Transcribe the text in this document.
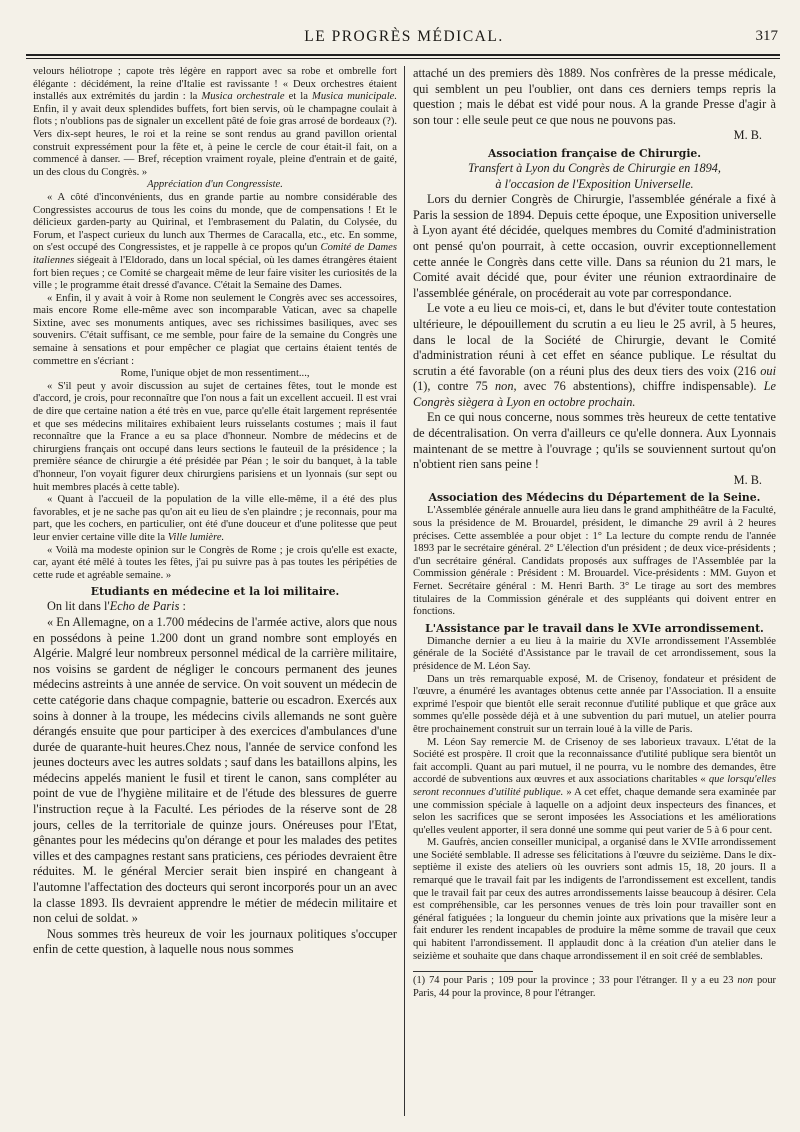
LE PROGRÈS MÉDICAL.	317

velours héliotrope ; capote très légère en rapport avec sa robe et ombrelle fort élégante : décidément, la reine d'Italie est ravissante ! « Deux orchestres étaient installés aux extrémités du jardin : la Musica orchestrale et la Musica municipale. Enfin, il y avait deux splendides buffets, fort bien servis, où le champagne coulait à flots ; n'oublions pas de signaler un excellent pâté de foie gras arrosé de bordeaux (?). Vers dix-sept heures, le roi et la reine se sont rendus au grand pavillon oriental construit expressément pour la fête et, à peine le cercle de cour était-il fait, on a commencé à danser. — Bref, réception vraiment royale, pleine d'entrain et de gaité, un des clous du Congrès. »

Appréciation d'un Congressiste.

« A côté d'inconvénients, dus en grande partie au nombre considérable des Congressistes accourus de tous les coins du monde, que de compensations ! Et le délicieux garden-party au Quirinal, et l'embrasement du Palatin, du Colysée, du Forum, et l'aspect curieux du lunch aux Thermes de Caracalla, etc., etc. En somme, on s'est occupé des Congressistes, et je rappelle à ce propos qu'un Comité de Dames italiennes siégeait à l'Eldorado, dans un local spécial, où les dames étrangères étaient fort bien reçues ; ce Comité se chargeait même de leur faire visiter les curiosités de la ville ; le programme était dressé d'avance. C'était la Semaine des Dames.

« Enfin, il y avait à voir à Rome non seulement le Congrès avec ses accessoires, mais encore Rome elle-même avec son incomparable Vatican, avec sa chapelle Sixtine, avec ses monuments antiques, avec ses richissimes basiliques, avec ses souvenirs. C'était suffisant, ce me semble, pour faire de la semaine du Congrès une semaine à sensations et pour empêcher ce plagiat que certains étaient tentés de commettre en s'écriant :

Rome, l'unique objet de mon ressentiment...,

« S'il peut y avoir discussion au sujet de certaines fêtes, tout le monde est d'accord, je crois, pour reconnaître que l'on nous a fait un excellent accueil. Il est vrai de dire que certaine nation a été très en vue, parce qu'elle était largement représentée et que ses médecins militaires exhibaient leurs ruisselants costumes ; mais il faut reconnaître que la France a eu sa place d'honneur. Nombre de médecins et de chirurgiens français ont occupé dans leurs sections le fauteuil de la présidence ; la première séance de chirurgie a été présidée par Péan ; le soir du banquet, à la table d'honneur, l'on voyait figurer deux chirurgiens parisiens et un lyonnais (sur sept ou huit membres placés à cette table).

« Quant à l'accueil de la population de la ville elle-même, il a été des plus favorables, et je ne sache pas qu'on ait eu lieu de s'en plaindre ; je reconnais, pour ma part, que les cochers, en particulier, ont été d'une douceur et d'une politesse que peut leur envier certaine ville dite la Ville lumière.

« Voilà ma modeste opinion sur le Congrès de Rome ; je crois qu'elle est exacte, car, ayant été mêlé à toutes les fêtes, j'ai pu suivre pas à pas toutes les péripéties de cette rude et agréable semaine. »

Etudiants en médecine et la loi militaire.

On lit dans l'Echo de Paris :

« En Allemagne, on a 1.700 médecins de l'armée active, alors que nous en possédons à peine 1.200 dont un grand nombre sont employés en Algérie. Malgré leur nombreux personnel médical de la carrière militaire, nos voisins se gardent de négliger le concours permanent des jeunes médecins astreints à une année de service. On voit souvent un médecin de cette catégorie dans chaque compagnie, batterie ou escadron. Exercés aux soins à donner à la troupe, les médecins civils allemands ne sont guère dérangés ensuite que pour participer à des exercices d'ambulances d'une durée de quarante-huit heures.Chez nous, l'année de service confond les jeunes docteurs avec les autres soldats ; sauf dans les bataillons alpins, les médecins appelés manient le fusil et tirent le canon, sans compléter au point de vue de l'hygiène militaire et de l'étude des blessures de guerre l'instruction reçue à la Faculté. Les périodes de la réserve sont de 28 jours, celles de la territoriale de quinze jours. Onéreuses pour l'Etat, gênantes pour les médecins qu'on dérange et pour les malades des petites villes et des campagnes restant sans praticiens, ces périodes devraient être réduites. M. le général Mercier serait bien inspiré en changeant à l'automne l'affectation des docteurs qui seront incorporés pour un an avec la classe 1893. Ils devraient apprendre le métier de médecin militaire et non celui de soldat. »

Nous sommes très heureux de voir les journaux politiques s'occuper enfin de cette question, à laquelle nous nous sommes

attaché un des premiers dès 1889. Nos confrères de la presse médicale, qui semblent un peu l'oublier, ont dans ces derniers temps repris la question ; mais le débat est vidé pour nous. A la grande Presse d'agir à son tour : elle seule peut ce que nous ne pouvons pas.

M. B.

Association française de Chirurgie.

Transfert à Lyon du Congrès de Chirurgie en 1894,

à l'occasion de l'Exposition Universelle.

Lors du dernier Congrès de Chirurgie, l'assemblée générale a fixé à Paris la session de 1894. Depuis cette époque, une Exposition universelle à Lyon ayant été décidée, quelques membres du Comité d'administration ont pensé qu'on pourrait, à cette occasion, ouvrir exceptionnellement cette année le Congrès dans cette ville. Dans sa réunion du 21 mars, le Comité avait décidé que, pour éviter une réunion extraordinaire de l'assemblée générale, on procéderait au vote par correspondance.

Le vote a eu lieu ce mois-ci, et, dans le but d'éviter toute contestation ultérieure, le dépouillement du scrutin a eu lieu le 25 avril, à 5 heures, dans le local de la Société de Chirurgie, devant le Comité d'administration réuni à cet effet en séance publique. Le résultat du scrutin a été favorable (on a réuni plus des deux tiers des voix (216 oui (1), contre 75 non, avec 76 abstentions), chiffre indispensable). Le Congrès siègera à Lyon en octobre prochain.

En ce qui nous concerne, nous sommes très heureux de cette tentative de décentralisation. On verra d'ailleurs ce qu'elle donnera. Aux Lyonnais maintenant de se mettre à l'ouvrage ; qu'ils se souviennent surtout qu'on n'obtient rien sans peine !

M. B.

Association des Médecins du Département de la Seine.

L'Assemblée générale annuelle aura lieu dans le grand amphithéâtre de la Faculté, sous la présidence de M. Brouardel, président, le dimanche 29 avril à 2 heures précises. Cette assemblée a pour objet : 1° La lecture du compte rendu de l'année 1893 par le secrétaire général. 2° L'élection d'un président ; de deux vice-présidents ; d'un secrétaire général. Candidats proposés aux suffrages de l'Assemblée par la Commission générale : Président : M. Brouardel. Vice-présidents : MM. Guyon et Fernet. Secrétaire général : M. Henri Barth. 3° Le tirage au sort des membres titulaires de la Commission générale et des suppléants qui doivent entrer en fonctions.

L'Assistance par le travail dans le XVIe arrondissement.

Dimanche dernier a eu lieu à la mairie du XVIe arrondissement l'Assemblée générale de la Société d'Assistance par le travail de cet arrondissement, sous la présidence de M. Léon Say.

Dans un très remarquable exposé, M. de Crisenoy, fondateur et président de l'œuvre, a énuméré les avantages obtenus cette année par l'Association. Il a ensuite exprimé l'espoir que bientôt elle serait reconnue d'utilité publique et que grâce aux sommes qu'elle possède déjà et à une subvention du pari mutuel, un atelier pourra être prochainement construit sur un terrain loué à la ville de Paris.

M. Léon Say remercie M. de Crisenoy de ses laborieux travaux. L'état de la Société est prospère. Il croit que la reconnaissance d'utilité publique sera bientôt un fait accompli. Quant au pari mutuel, il ne pourra, vu le nombre des demandes, être accordé de subventions aux œuvres et aux associations charitables « que lorsqu'elles seront reconnues d'utilité publique. » A cet effet, chaque demande sera examinée par une commission spéciale à laquelle on a adjoint deux inspecteurs des finances, et selon les sacrifices que se seront imposées les Associations et les améliorations qu'elles veulent apporter, il sera donné une somme qui peut varier de 5 à 6 pour cent.

M. Gaufrès, ancien conseiller municipal, a organisé dans le XVIIe arrondissement une Société semblable. Il adresse ses félicitations à l'œuvre du seizième. Dans le dix-septième il existe des ateliers où les ouvriers sont admis 15, 18, 20 jours. Il a remarqué que le travail fait par les indigents de l'arrondissement est excellent, tandis que le travail fait par ceux des autres arrondissements laisse beaucoup à désirer. Cela est compréhensible, car les personnes venues de très loin pour travailler sont en général fatiguées ; la longueur du chemin jointe aux privations que la misère leur a fait endurer les rendent incapables de produire la même somme de travail que ceux qui habitent l'arrondissement. Il applaudit donc à la création d'un atelier dans le seizième et souhaite que dans chaque arrondissement il en soit créé de semblables.

(1) 74 pour Paris ; 109 pour la province ; 33 pour l'étranger. Il y a eu 23 non pour Paris, 44 pour la province, 8 pour l'étranger.
